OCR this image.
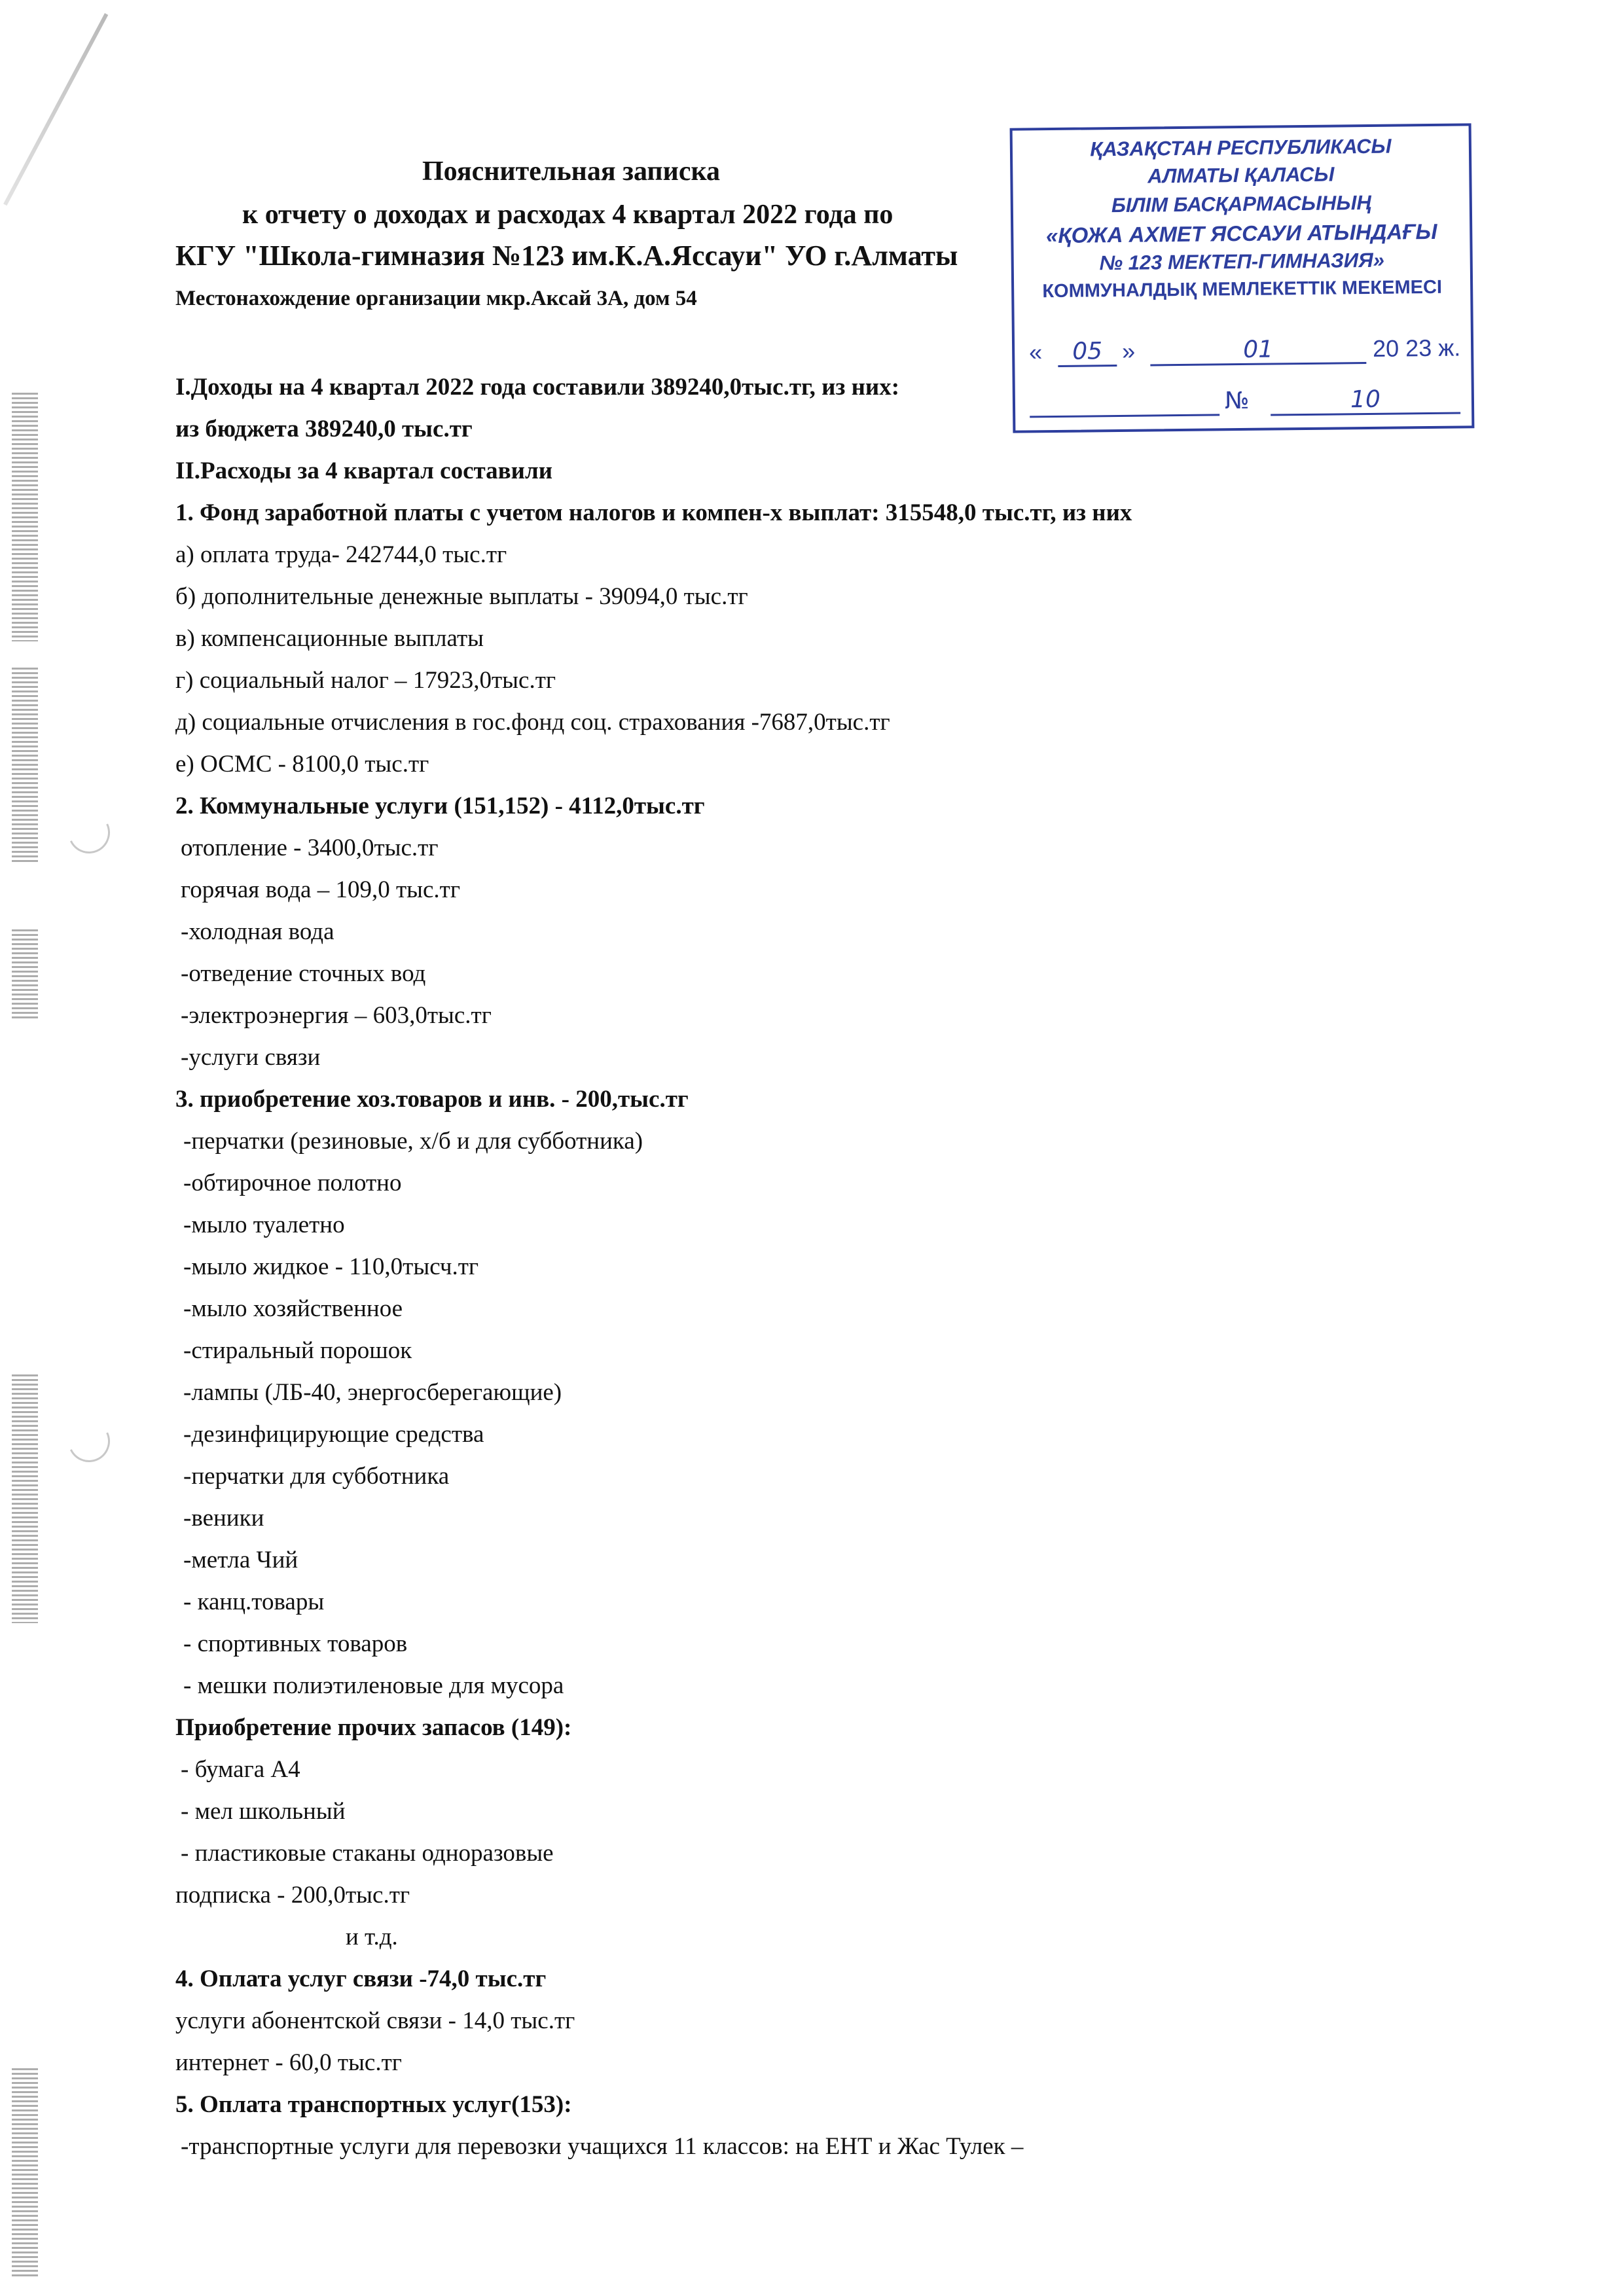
Пояснительная записка
к отчету о доходах и расходах 4 квартал 2022 года по
КГУ "Школа-гимназия №123 им.К.А.Яссауи" УО г.Алматы
Местонахождение организации мкр.Аксай 3А, дом 54
ҚАЗАҚСТАН РЕСПУБЛИКАСЫ
АЛМАТЫ ҚАЛАСЫ
БІЛІМ БАСҚАРМАСЫНЫҢ
«ҚОЖА АХМЕТ ЯССАУИ АТЫНДАҒЫ
№ 123 МЕКТЕП-ГИМНАЗИЯ»
КОММУНАЛДЫҚ МЕМЛЕКЕТТІК МЕКЕМЕСІ
«	05 »	01	20 23 ж.
№	10
I.Доходы на 4 квартал 2022 года составили 389240,0тыс.тг, из них:
из бюджета 389240,0 тыс.тг
II.Расходы за 4 квартал составили
1. Фонд заработной платы с учетом налогов и компен-х выплат: 315548,0 тыс.тг, из них
а) оплата труда- 242744,0 тыс.тг
б) дополнительные денежные выплаты - 39094,0 тыс.тг
в) компенсационные выплаты
г) социальный налог – 17923,0тыс.тг
д) социальные отчисления в гос.фонд соц. страхования -7687,0тыс.тг
е) ОСМС - 8100,0 тыс.тг
2. Коммунальные услуги (151,152) - 4112,0тыс.тг
отопление - 3400,0тыс.тг
горячая вода – 109,0 тыс.тг
-холодная вода
-отведение сточных вод
-электроэнергия – 603,0тыс.тг
-услуги связи
3. приобретение хоз.товаров и инв. - 200,тыс.тг
-перчатки (резиновые, х/б и для субботника)
-обтирочное полотно
-мыло туалетно
-мыло жидкое - 110,0тысч.тг
-мыло хозяйственное
-стиральный порошок
-лампы (ЛБ-40, энергосберегающие)
-дезинфицирующие средства
-перчатки для субботника
-веники
-метла Чий
- канц.товары
- спортивных товаров
- мешки полиэтиленовые для мусора
Приобретение прочих запасов (149):
- бумага А4
- мел школьный
- пластиковые стаканы одноразовые
подписка - 200,0тыс.тг
и т.д.
4. Оплата услуг связи -74,0 тыс.тг
услуги абонентской связи - 14,0 тыс.тг
интернет - 60,0 тыс.тг
5. Оплата транспортных услуг(153):
-транспортные услуги для перевозки учащихся 11 классов: на ЕНТ и Жас Тулек –
